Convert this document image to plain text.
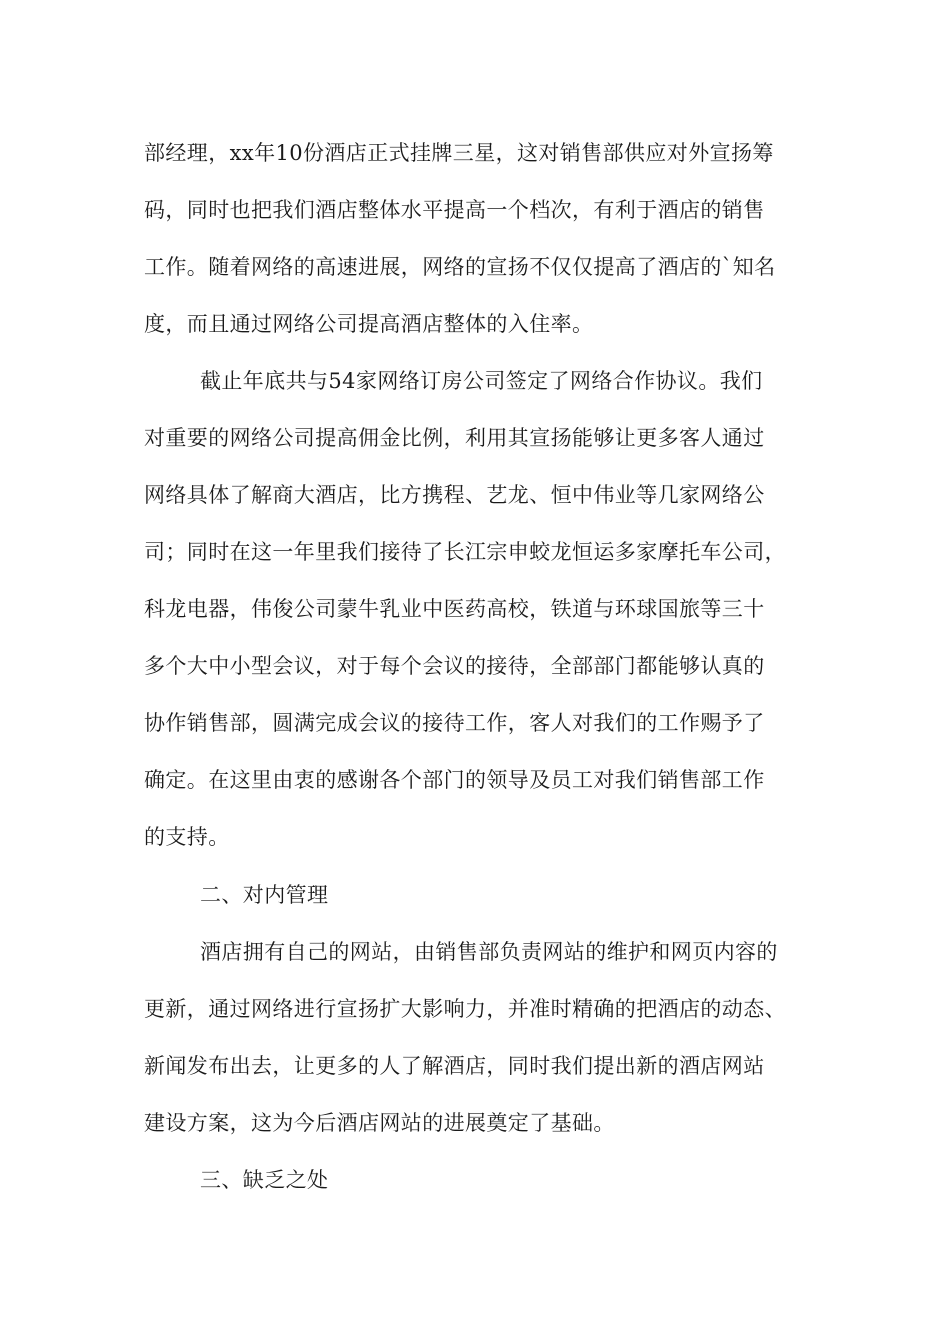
部经理，xx年10份酒店正式挂牌三星，这对销售部供应对外宣扬筹
码，同时也把我们酒店整体水平提高一个档次，有利于酒店的销售
工作。随着网络的高速进展，网络的宣扬不仅仅提高了酒店的`知名
度，而且通过网络公司提高酒店整体的入住率。
截止年底共与54家网络订房公司签定了网络合作协议。我们
对重要的网络公司提高佣金比例，利用其宣扬能够让更多客人通过
网络具体了解商大酒店，比方携程、艺龙、恒中伟业等几家网络公
司；同时在这一年里我们接待了长江宗申蛟龙恒运多家摩托车公司，
科龙电器，伟俊公司蒙牛乳业中医药高校，铁道与环球国旅等三十
多个大中小型会议，对于每个会议的接待，全部部门都能够认真的
协作销售部，圆满完成会议的接待工作，客人对我们的工作赐予了
确定。在这里由衷的感谢各个部门的领导及员工对我们销售部工作
的支持。
二、对内管理
酒店拥有自己的网站，由销售部负责网站的维护和网页内容的
更新，通过网络进行宣扬扩大影响力，并准时精确的把酒店的动态、
新闻发布出去，让更多的人了解酒店，同时我们提出新的酒店网站
建设方案，这为今后酒店网站的进展奠定了基础。
三、缺乏之处
